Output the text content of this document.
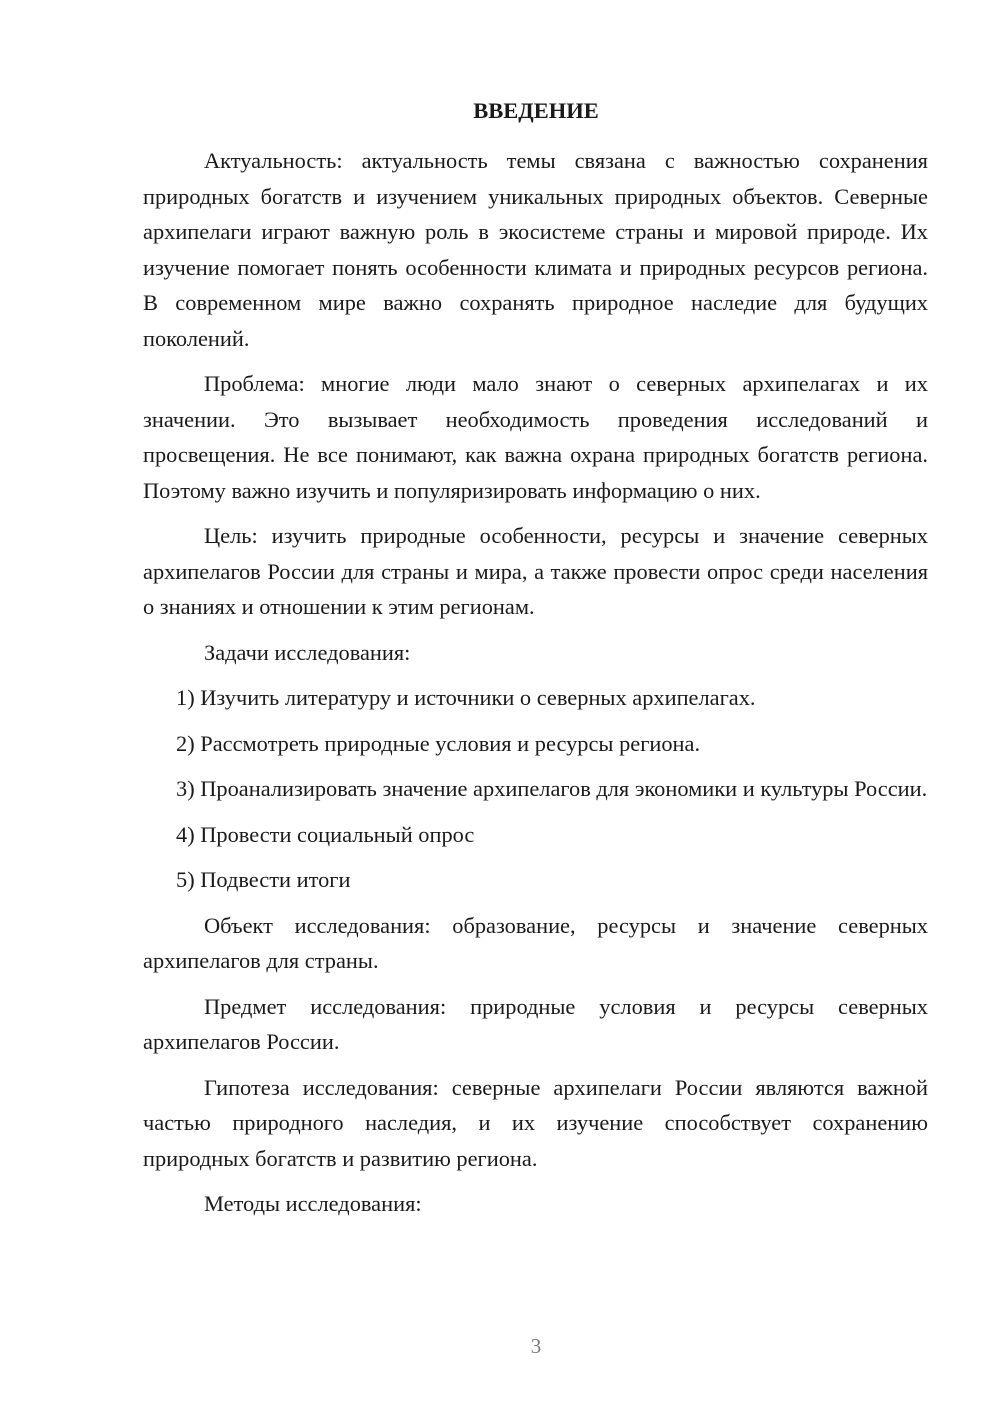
ВВЕДЕНИЕ

Актуальность: актуальность темы связана с важностью сохранения природных богатств и изучением уникальных природных объектов. Северные архипелаги играют важную роль в экосистеме страны и мировой природе. Их изучение помогает понять особенности климата и природных ресурсов региона. В современном мире важно сохранять природное наследие для будущих поколений.

Проблема: многие люди мало знают о северных архипелагах и их значении. Это вызывает необходимость проведения исследований и просвещения. Не все понимают, как важна охрана природных богатств региона. Поэтому важно изучить и популяризировать информацию о них.

Цель: изучить природные особенности, ресурсы и значение северных архипелагов России для страны и мира, а также провести опрос среди населения о знаниях и отношении к этим регионам.

Задачи исследования:

1) Изучить литературу и источники о северных архипелагах.

2) Рассмотреть природные условия и ресурсы региона.

3) Проанализировать значение архипелагов для экономики и культуры России.

4) Провести социальный опрос

5) Подвести итоги

Объект исследования: образование, ресурсы и значение северных архипелагов для страны.

Предмет исследования: природные условия и ресурсы северных архипелагов России.

Гипотеза исследования: северные архипелаги России являются важной частью природного наследия, и их изучение способствует сохранению природных богатств и развитию региона.

Методы исследования:

3
